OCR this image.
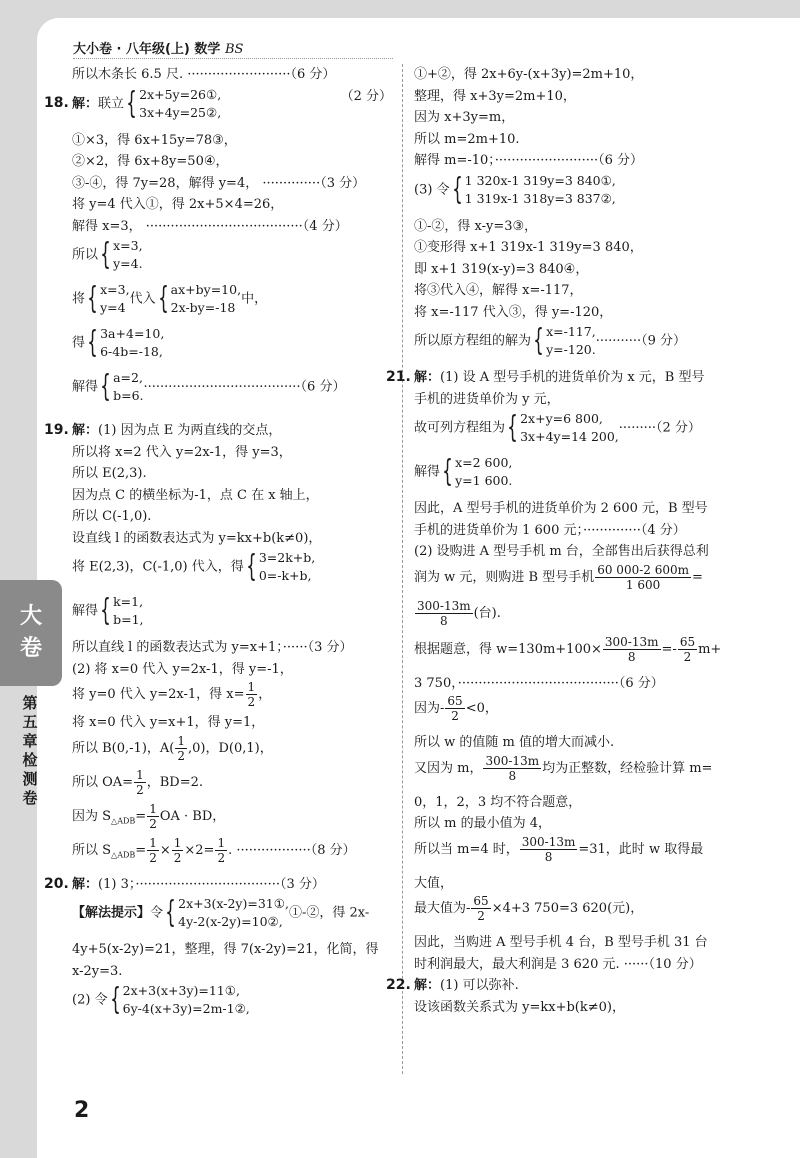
大小卷 · 八年级(上) 数学 BS
所以木条长 6.5 尺. ·························（6 分）
18. 解：联立 { 2x+5y=26①,
3x+4y=25②,
（2 分）
①×3，得 6x+15y=78③，
②×2，得 6x+8y=50④，
③-④，得 7y=28，解得 y=4， ··············（3 分）
将 y=4 代入①，得 2x+5×4=26，
解得 x=3， ······································（4 分）
所以 { x=3,
y=4.
将 { x=3,
y=4
代入 { ax+by=10,
2x-by=-18
中，
得 { 3a+4=10,
6-4b=-18,
解得 { a=2,
b=6.
······································（6 分）
19. 解：(1) 因为点 E 为两直线的交点，
所以将 x=2 代入 y=2x-1，得 y=3，
所以 E(2,3).
因为点 C 的横坐标为-1，点 C 在 x 轴上，
所以 C(-1,0).
设直线 l 的函数表达式为 y=kx+b(k≠0)，
将 E(2,3)，C(-1,0) 代入，得 { 3=2k+b,
0=-k+b,
解得 { k=1,
b=1,
所以直线 l 的函数表达式为 y=x+1；······（3 分）
(2) 将 x=0 代入 y=2x-1，得 y=-1，
将 y=0 代入 y=2x-1，得 $x= \frac{1}{2}$ ，
将 x=0 代入 y=x+1，得 y=1，
所以 B(0,-1)，$A( \frac{1}{2} ,0)$，D(0,1)，
所以 $OA= \frac{1}{2}$ ，BD=2.
因为 $S_{\triangle ADB}= \frac{1}{2}$ OA · BD，
所以 $S_{\triangle ADB}= \frac{1}{2} \times \frac{1}{2} \times 2= \frac{1}{2}$ . ··················（8 分）
20. 解：(1) 3；···································（3 分）
【解法提示】令 { 2x+3(x-2y)=31①,
4y-2(x-2y)=10②,
①-②，得 2x-
4y+5(x-2y)=21，整理，得 7(x-2y)=21，化简，得
x-2y=3.
(2) 令 { 2x+3(x+3y)=11①,
6y-4(x+3y)=2m-1②,
①+②，得 2x+6y-(x+3y)=2m+10，
整理，得 x+3y=2m+10，
因为 x+3y=m，
所以 m=2m+10.
解得 m=-10；·························（6 分）
(3) 令 { 1 320x-1 319y=3 840①,
1 319x-1 318y=3 837②,
①-②，得 x-y=3③，
①变形得 x+1 319x-1 319y=3 840，
即 x+1 319(x-y)=3 840④，
将③代入④，解得 x=-117，
将 x=-117 代入③，得 y=-120，
所以原方程组的解为 { x=-117,
y=-120.
···········（9 分）
21. 解：(1) 设 A 型号手机的进货单价为 x 元，B 型号
手机的进货单价为 y 元，
故可列方程组为 { 2x+y=6 800,
3x+4y=14 200,
·········（2 分）
解得 { x=2 600,
y=1 600.
因此，A 型号手机的进货单价为 2 600 元，B 型号
手机的进货单价为 1 600 元；··············（4 分）
(2) 设购进 A 型号手机 m 台，全部售出后获得总利
润为 w 元，则购进 B 型号手机 $\frac{60 000-2 600m}{1 600}$ =
$\frac{300-13m}{8}$ (台).
根据题意，得 $w=130m+100\times \frac{300-13m}{8} =- \frac{65}{2} m+$
3 750，·······································（6 分）
因为- $\frac{65}{2} <0$，
所以 w 的值随 m 值的增大而减小.
又因为 m， $\frac{300-13m}{8}$ 均为正整数，经检验计算 m=
0，1，2，3 均不符合题意，
所以 m 的最小值为 4，
所以当 m=4 时， $\frac{300-13m}{8} =31$，此时 w 取得最
大值，
最大值为- $\frac{65}{2} \times 4+3$ 750=3 620(元)，
因此，当购进 A 型号手机 4 台，B 型号手机 31 台
时利润最大，最大利润是 3 620 元. ······（10 分）
22. 解：(1) 可以弥补.
设该函数关系式为 y=kx+b(k≠0)，
大
卷
第
五
章
检
测
卷
2
